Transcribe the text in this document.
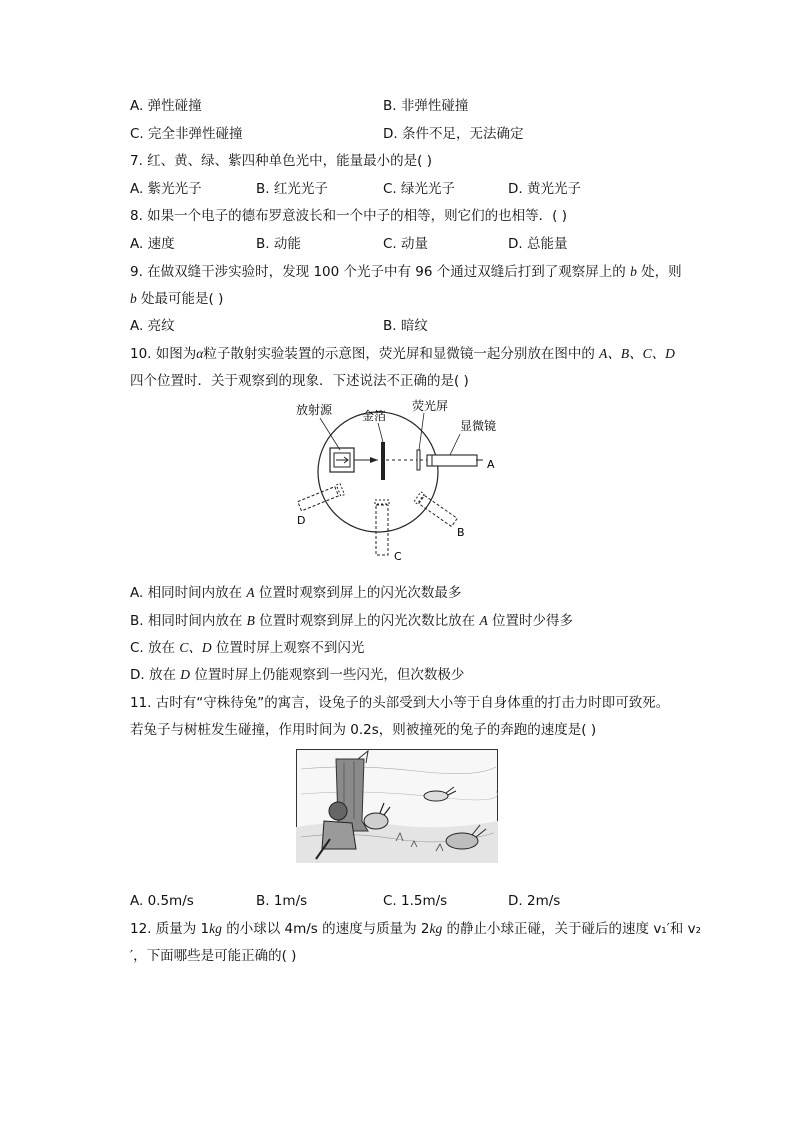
A. 弹性碰撞	B. 非弹性碰撞
C. 完全非弹性碰撞	D. 条件不足，无法确定
7. 红、黄、绿、紫四种单色光中，能量最小的是( )
A. 紫光光子	B. 红光光子	C. 绿光光子	D. 黄光光子
8. 如果一个电子的德布罗意波长和一个中子的相等，则它们的也相等．( )
A. 速度	B. 动能	C. 动量	D. 总能量
9. 在做双缝干涉实验时，发现 100 个光子中有 96 个通过双缝后打到了观察屏上的 b 处，则
b 处最可能是( )
A. 亮纹	B. 暗纹
10. 如图为α粒子散射实验装置的示意图，荧光屏和显微镜一起分别放在图中的 A、B、C、D
四个位置时．关于观察到的现象．下述说法不正确的是( )
A
放射源 金箔
荧光屏
显微镜
D
C
B
A. 相同时间内放在 A 位置时观察到屏上的闪光次数最多
B. 相同时间内放在 B 位置时观察到屏上的闪光次数比放在 A 位置时少得多
C. 放在 C、D 位置时屏上观察不到闪光
D. 放在 D 位置时屏上仍能观察到一些闪光，但次数极少
11. 古时有“守株待兔”的寓言，设兔子的头部受到大小等于自身体重的打击力时即可致死。
若兔子与树桩发生碰撞，作用时间为 0.2s，则被撞死的兔子的奔跑的速度是( )
A. 0.5m/s	B. 1m/s	C. 1.5m/s	D. 2m/s
12. 质量为 1kg 的小球以 4m/s 的速度与质量为 2kg 的静止小球正碰，关于碰后的速度 v₁′和 v₂
′，下面哪些是可能正确的( )
